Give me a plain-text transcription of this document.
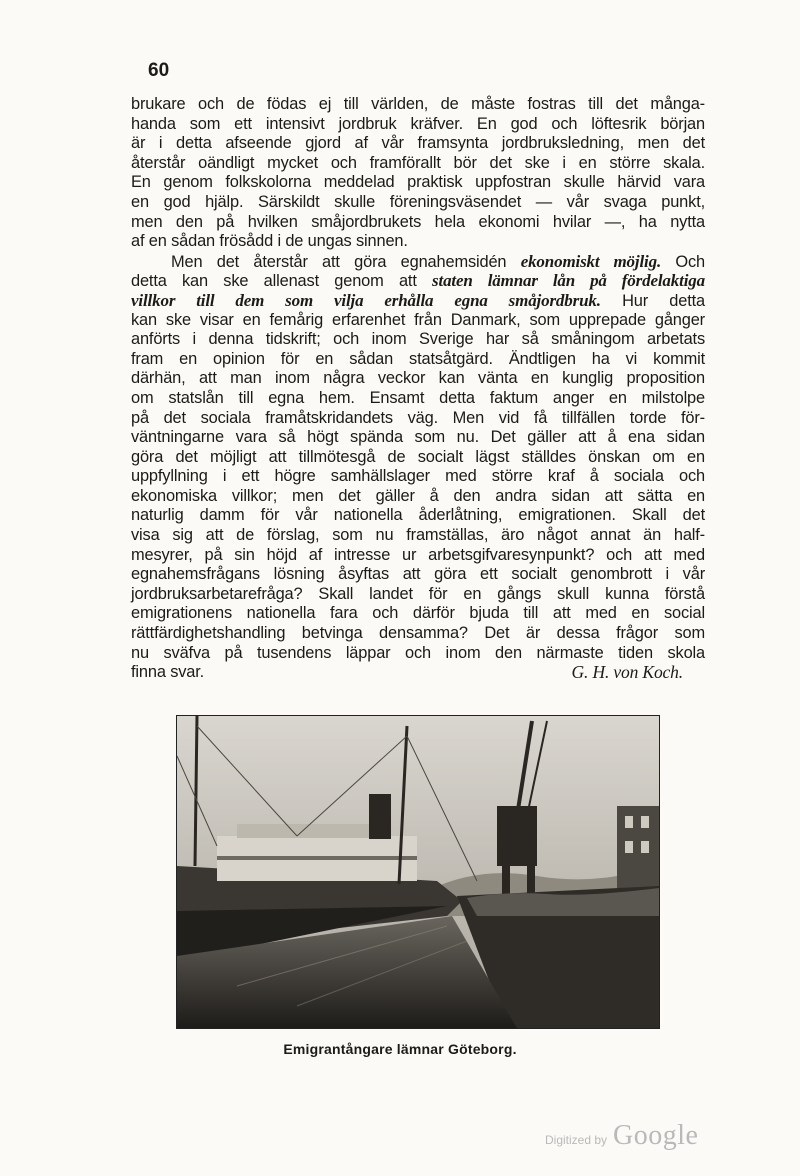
60
brukare och de födas ej till världen, de måste fostras till det många-
handa som ett intensivt jordbruk kräfver. En god och löftesrik början
är i detta afseende gjord af vår framsynta jordbruksledning, men det
återstår oändligt mycket och framförallt bör det ske i en större skala.
En genom folkskolorna meddelad praktisk uppfostran skulle härvid vara
en god hjälp. Särskildt skulle föreningsväsendet — vår svaga punkt,
men den på hvilken småjordbrukets hela ekonomi hvilar —, ha nytta
af en sådan frösådd i de ungas sinnen.
Men det återstår att göra egnahemsidén ekonomiskt möjlig. Och
detta kan ske allenast genom att staten lämnar lån på fördelaktiga
villkor till dem som vilja erhålla egna småjordbruk. Hur detta
kan ske visar en femårig erfarenhet från Danmark, som upprepade gånger
anförts i denna tidskrift; och inom Sverige har så småningom arbetats
fram en opinion för en sådan statsåtgärd. Ändtligen ha vi kommit
därhän, att man inom några veckor kan vänta en kunglig proposition
om statslån till egna hem. Ensamt detta faktum anger en milstolpe
på det sociala framåtskridandets väg. Men vid få tillfällen torde för-
väntningarne vara så högt spända som nu. Det gäller att å ena sidan
göra det möjligt att tillmötesgå de socialt lägst ställdes önskan om en
uppfyllning i ett högre samhällslager med större kraf å sociala och
ekonomiska villkor; men det gäller å den andra sidan att sätta en
naturlig damm för vår nationella åderlåtning, emigrationen. Skall det
visa sig att de förslag, som nu framställas, äro något annat än half-
mesyrer, på sin höjd af intresse ur arbetsgifvaresynpunkt? och att med
egnahemsfrågans lösning åsyftas att göra ett socialt genombrott i vår
jordbruksarbetarefråga? Skall landet för en gångs skull kunna förstå
emigrationens nationella fara och därför bjuda till att med en social
rättfärdighetshandling betvinga densamma? Det är dessa frågor som
nu sväfva på tusendens läppar och inom den närmaste tiden skola
finna svar.	G. H. von Koch.
Emigrantångare lämnar Göteborg.
Digitized by Google
